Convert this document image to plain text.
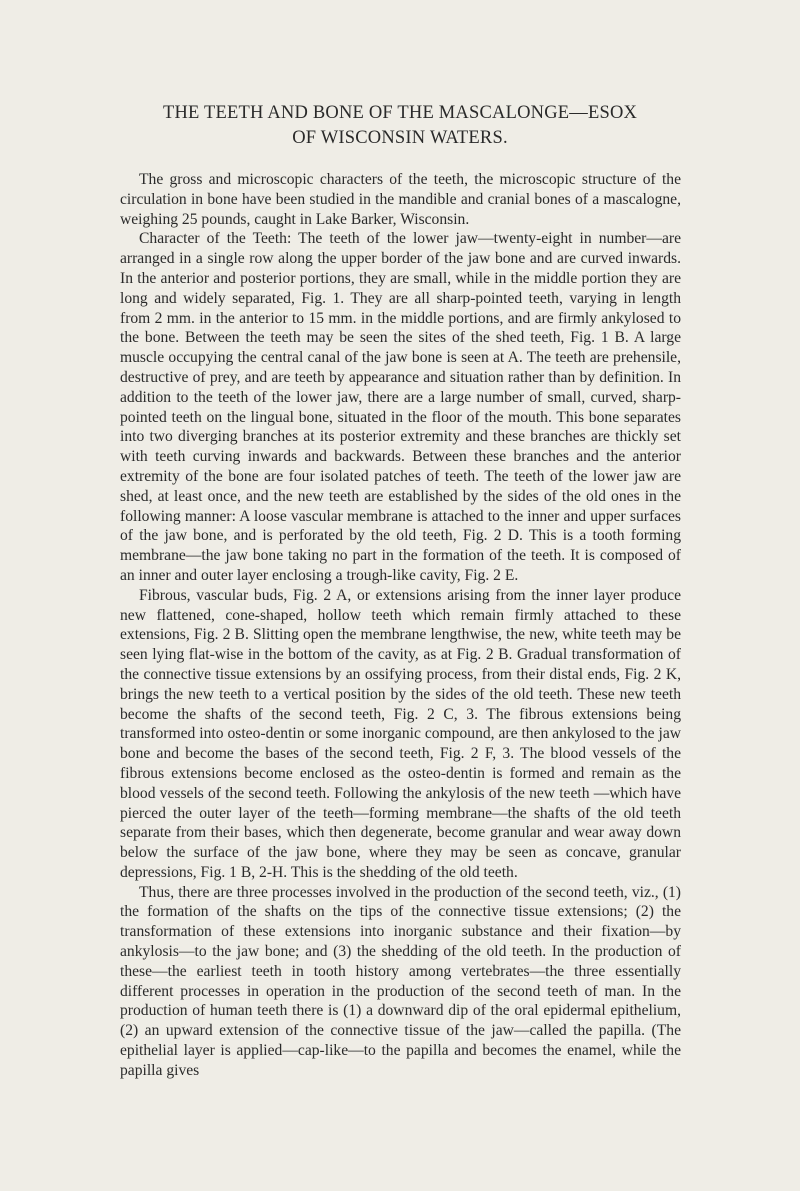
THE TEETH AND BONE OF THE MASCALONGE—ESOX
OF WISCONSIN WATERS.

The gross and microscopic characters of the teeth, the microscopic structure of the circulation in bone have been studied in the mandible and cranial bones of a mascalogne, weighing 25 pounds, caught in Lake Barker, Wisconsin.

Character of the Teeth: The teeth of the lower jaw—twenty-eight in number—are arranged in a single row along the upper border of the jaw bone and are curved inwards. In the anterior and posterior portions, they are small, while in the middle portion they are long and widely separated, Fig. 1. They are all sharp-pointed teeth, varying in length from 2 mm. in the anterior to 15 mm. in the middle portions, and are firmly ankylosed to the bone. Between the teeth may be seen the sites of the shed teeth, Fig. 1 B. A large muscle occupying the central canal of the jaw bone is seen at A. The teeth are prehensile, destructive of prey, and are teeth by appearance and situation rather than by definition. In addition to the teeth of the lower jaw, there are a large number of small, curved, sharp-pointed teeth on the lingual bone, situated in the floor of the mouth. This bone separates into two diverging branches at its posterior extremity and these branches are thickly set with teeth curving inwards and backwards. Between these branches and the anterior extremity of the bone are four isolated patches of teeth. The teeth of the lower jaw are shed, at least once, and the new teeth are established by the sides of the old ones in the following manner: A loose vascular membrane is attached to the inner and upper surfaces of the jaw bone, and is perforated by the old teeth, Fig. 2 D. This is a tooth forming membrane—the jaw bone taking no part in the formation of the teeth. It is composed of an inner and outer layer enclosing a trough-like cavity, Fig. 2 E.

Fibrous, vascular buds, Fig. 2 A, or extensions arising from the inner layer produce new flattened, cone-shaped, hollow teeth which remain firmly attached to these extensions, Fig. 2 B. Slitting open the membrane lengthwise, the new, white teeth may be seen lying flat-wise in the bottom of the cavity, as at Fig. 2 B. Gradual transformation of the connective tissue extensions by an ossifying process, from their distal ends, Fig. 2 K, brings the new teeth to a vertical position by the sides of the old teeth. These new teeth become the shafts of the second teeth, Fig. 2 C, 3. The fibrous extensions being transformed into osteo-dentin or some inorganic compound, are then ankylosed to the jaw bone and become the bases of the second teeth, Fig. 2 F, 3. The blood vessels of the fibrous extensions become enclosed as the osteo-dentin is formed and remain as the blood vessels of the second teeth. Following the ankylosis of the new teeth —which have pierced the outer layer of the teeth—forming membrane—the shafts of the old teeth separate from their bases, which then degenerate, become granular and wear away down below the surface of the jaw bone, where they may be seen as concave, granular depressions, Fig. 1 B, 2-H. This is the shedding of the old teeth.

Thus, there are three processes involved in the production of the second teeth, viz., (1) the formation of the shafts on the tips of the connective tissue extensions; (2) the transformation of these extensions into inorganic substance and their fixation—by ankylosis—to the jaw bone; and (3) the shedding of the old teeth. In the production of these—the earliest teeth in tooth history among vertebrates—the three essentially different processes in operation in the production of the second teeth of man. In the production of human teeth there is (1) a downward dip of the oral epidermal epithelium, (2) an upward extension of the connective tissue of the jaw—called the papilla. (The epithelial layer is applied—cap-like—to the papilla and becomes the enamel, while the papilla gives
